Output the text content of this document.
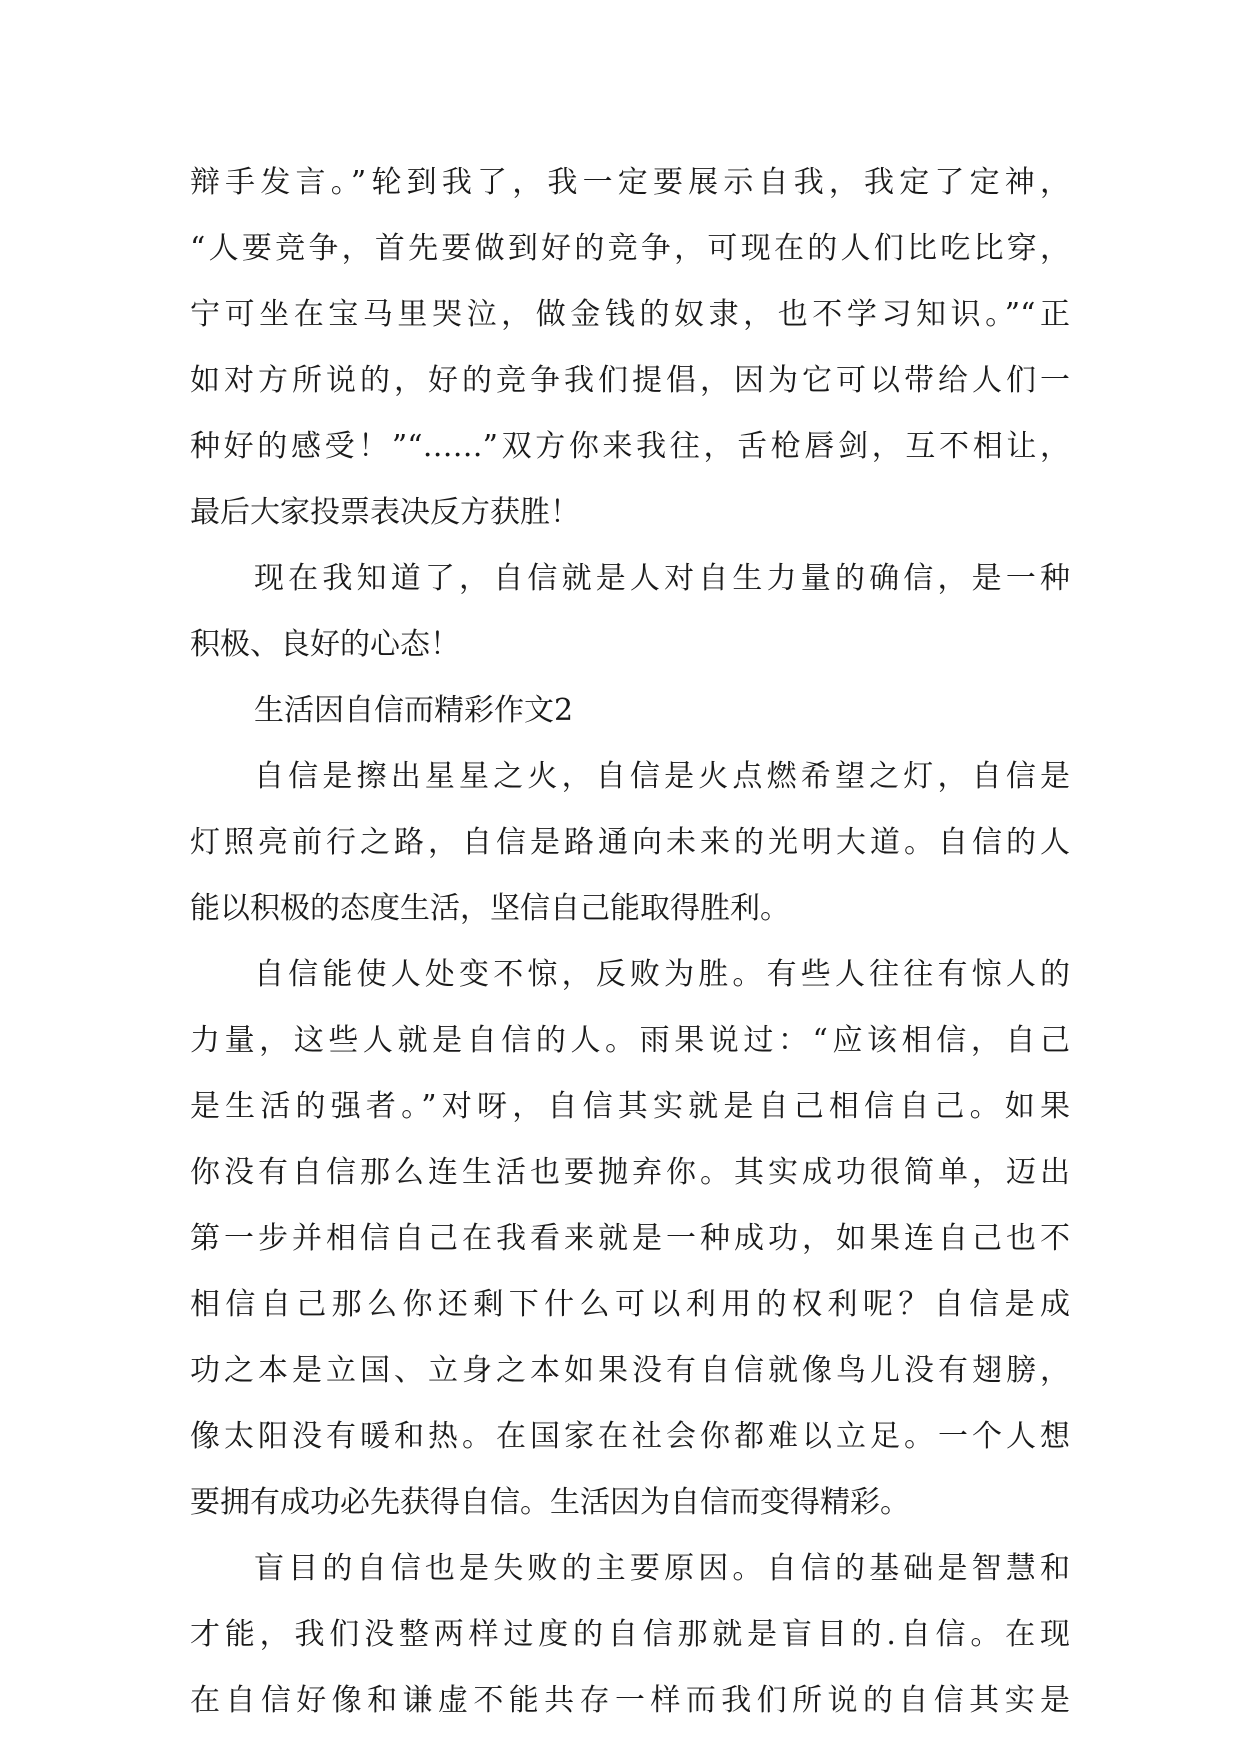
辩手发言。”轮到我了，我一定要展示自我，我定了定神，
“人要竞争，首先要做到好的竞争，可现在的人们比吃比穿，
宁可坐在宝马里哭泣，做金钱的奴隶，也不学习知识。”“正
如对方所说的，好的竞争我们提倡，因为它可以带给人们一
种好的感受！”“……”双方你来我往，舌枪唇剑，互不相让，
最后大家投票表决反方获胜！
现在我知道了，自信就是人对自生力量的确信，是一种
积极、良好的心态！
生活因自信而精彩作文2
自信是擦出星星之火，自信是火点燃希望之灯，自信是
灯照亮前行之路，自信是路通向未来的光明大道。自信的人
能以积极的态度生活，坚信自己能取得胜利。
自信能使人处变不惊，反败为胜。有些人往往有惊人的
力量，这些人就是自信的人。雨果说过：“应该相信，自己
是生活的强者。”对呀，自信其实就是自己相信自己。如果
你没有自信那么连生活也要抛弃你。其实成功很简单，迈出
第一步并相信自己在我看来就是一种成功，如果连自己也不
相信自己那么你还剩下什么可以利用的权利呢？自信是成
功之本是立国、立身之本如果没有自信就像鸟儿没有翅膀，
像太阳没有暖和热。在国家在社会你都难以立足。一个人想
要拥有成功必先获得自信。生活因为自信而变得精彩。
盲目的自信也是失败的主要原因。自信的基础是智慧和
才能，我们没整两样过度的自信那就是盲目的.自信。在现
在自信好像和谦虚不能共存一样而我们所说的自信其实是
